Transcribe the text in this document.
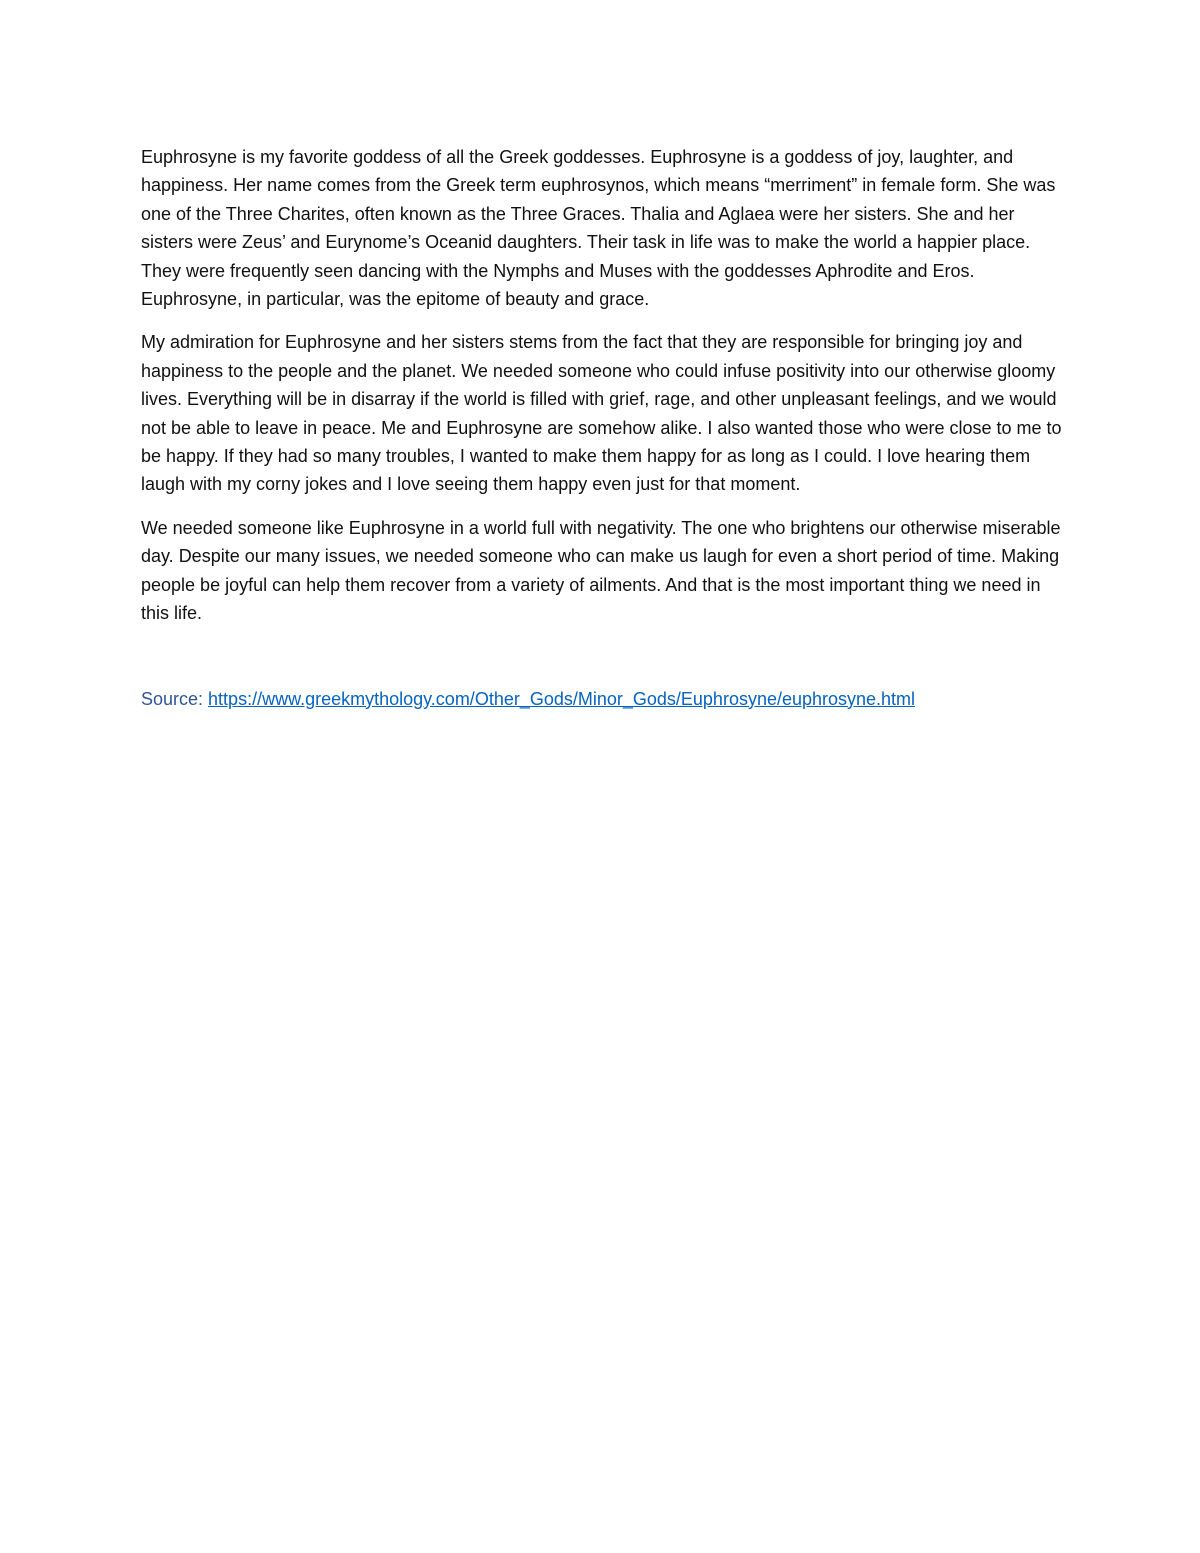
Euphrosyne is my favorite goddess of all the Greek goddesses. Euphrosyne is a goddess of joy, laughter, and happiness. Her name comes from the Greek term euphrosynos, which means “merriment” in female form. She was one of the Three Charites, often known as the Three Graces. Thalia and Aglaea were her sisters. She and her sisters were Zeus’ and Eurynome’s Oceanid daughters. Their task in life was to make the world a happier place. They were frequently seen dancing with the Nymphs and Muses with the goddesses Aphrodite and Eros. Euphrosyne, in particular, was the epitome of beauty and grace.

My admiration for Euphrosyne and her sisters stems from the fact that they are responsible for bringing joy and happiness to the people and the planet. We needed someone who could infuse positivity into our otherwise gloomy lives. Everything will be in disarray if the world is filled with grief, rage, and other unpleasant feelings, and we would not be able to leave in peace. Me and Euphrosyne are somehow alike. I also wanted those who were close to me to be happy. If they had so many troubles, I wanted to make them happy for as long as I could. I love hearing them laugh with my corny jokes and I love seeing them happy even just for that moment.

We needed someone like Euphrosyne in a world full with negativity. The one who brightens our otherwise miserable day. Despite our many issues, we needed someone who can make us laugh for even a short period of time. Making people be joyful can help them recover from a variety of ailments. And that is the most important thing we need in this life.

Source: https://www.greekmythology.com/Other_Gods/Minor_Gods/Euphrosyne/euphrosyne.html
